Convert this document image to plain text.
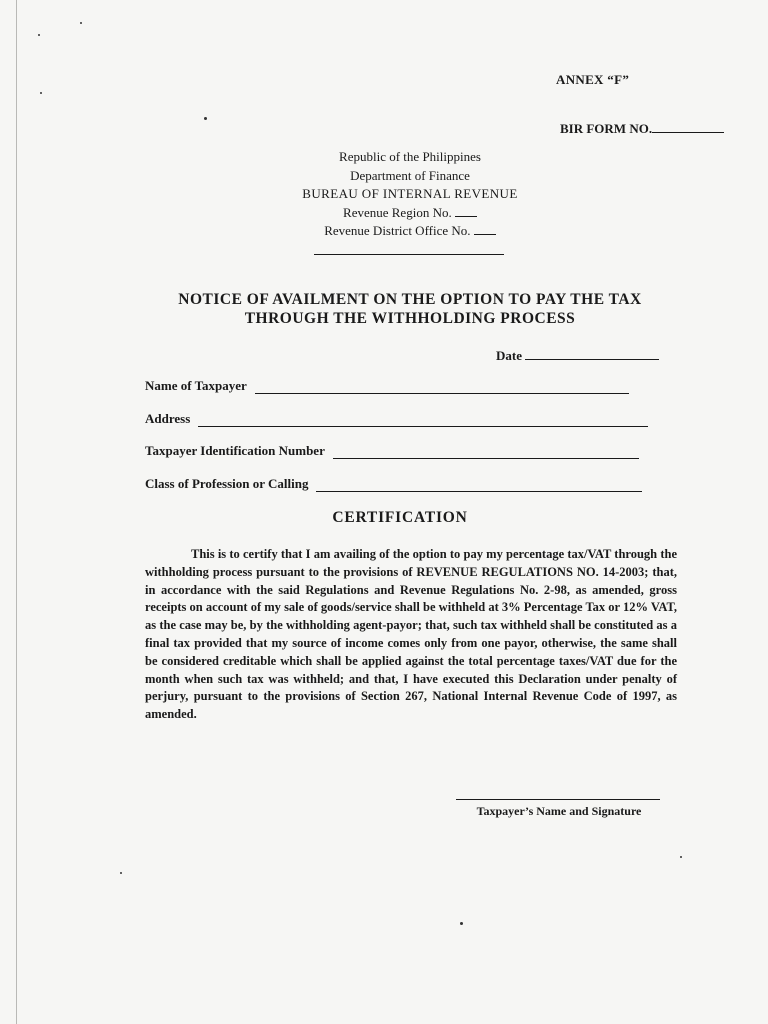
ANNEX “F”
BIR FORM NO.
Republic of the Philippines
Department of Finance
BUREAU OF INTERNAL REVENUE
Revenue Region No.
Revenue District Office No.
NOTICE OF AVAILMENT ON THE OPTION TO PAY THE TAX
THROUGH THE WITHHOLDING PROCESS
Date
Name of Taxpayer
Address
Taxpayer Identification Number
Class of Profession or Calling
CERTIFICATION
This is to certify that I am availing of the option to pay my percentage tax/VAT through the withholding process pursuant to the provisions of REVENUE REGULATIONS NO. 14-2003; that, in accordance with the said Regulations and Revenue Regulations No. 2-98, as amended, gross receipts on account of my sale of goods/service shall be withheld at 3% Percentage Tax or 12% VAT, as the case may be, by the withholding agent-payor; that, such tax withheld shall be constituted as a final tax provided that my source of income comes only from one payor, otherwise, the same shall be considered creditable which shall be applied against the total percentage taxes/VAT due for the month when such tax was withheld; and that, I have executed this Declaration under penalty of perjury, pursuant to the provisions of Section 267, National Internal Revenue Code of 1997, as amended.
Taxpayer’s Name and Signature
